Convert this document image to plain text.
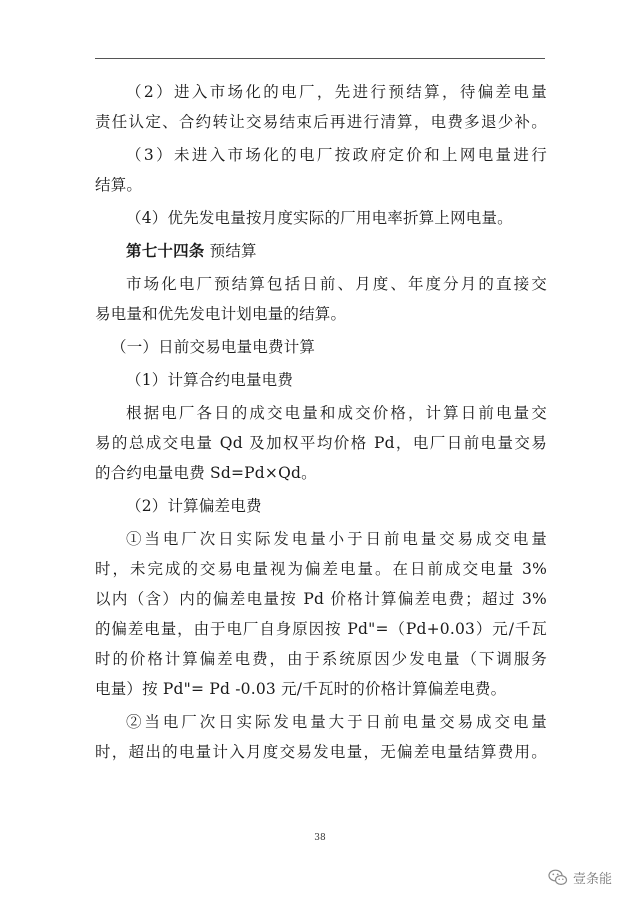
（2）进入市场化的电厂，先进行预结算，待偏差电量
责任认定、合约转让交易结束后再进行清算，电费多退少补。
（3）未进入市场化的电厂按政府定价和上网电量进行
结算。
（4）优先发电量按月度实际的厂用电率折算上网电量。
第七十四条 预结算
市场化电厂预结算包括日前、月度、年度分月的直接交
易电量和优先发电计划电量的结算。
（一）日前交易电量电费计算
（1）计算合约电量电费
根据电厂各日的成交电量和成交价格，计算日前电量交
易的总成交电量 Qd 及加权平均价格 Pd，电厂日前电量交易
的合约电量电费 Sd=Pd×Qd。
（2）计算偏差电费
①当电厂次日实际发电量小于日前电量交易成交电量
时，未完成的交易电量视为偏差电量。在日前成交电量 3%
以内（含）内的偏差电量按 Pd 价格计算偏差电费；超过 3%
的偏差电量，由于电厂自身原因按 Pd"=（Pd+0.03）元/千瓦
时的价格计算偏差电费，由于系统原因少发电量（下调服务
电量）按 Pd"= Pd -0.03 元/千瓦时的价格计算偏差电费。
②当电厂次日实际发电量大于日前电量交易成交电量
时，超出的电量计入月度交易发电量，无偏差电量结算费用。
38
壹条能
